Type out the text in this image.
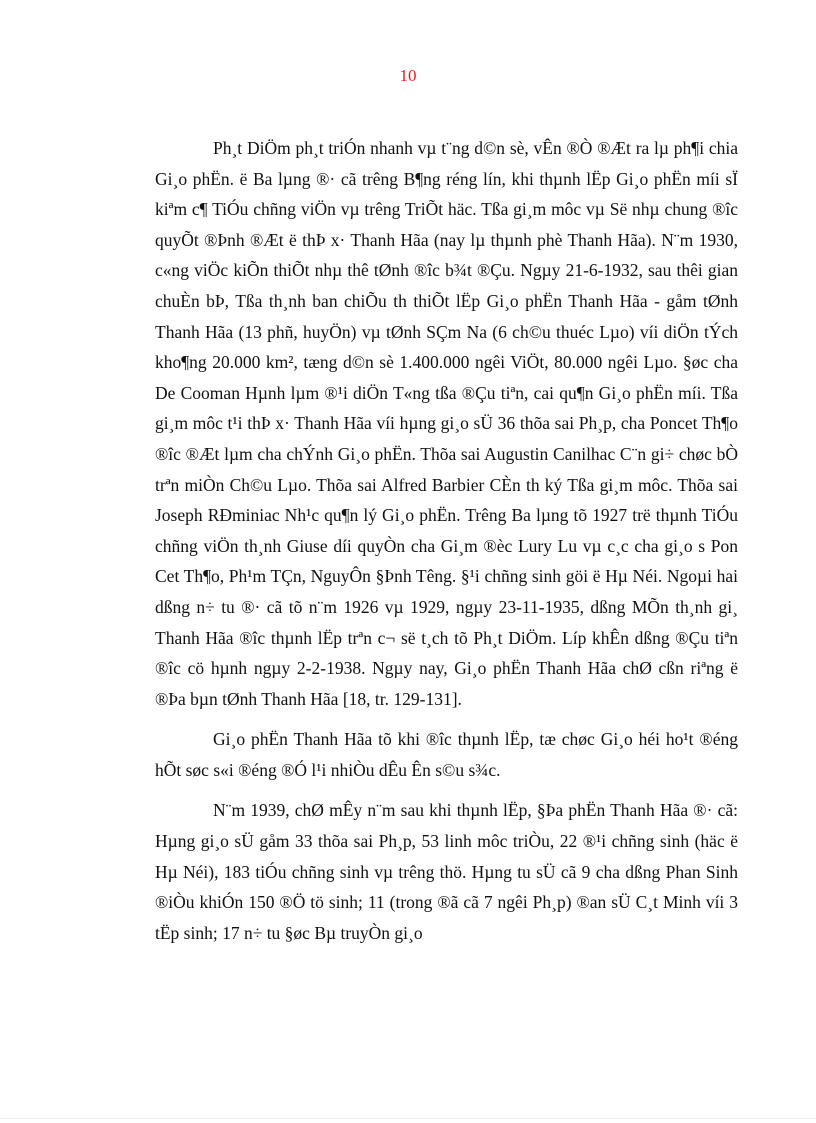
10

Ph¸t DiÖm ph¸t triÓn nhanh vµ t¨ng d©n sè, vÊn ®Ò ®Æt ra lµ ph¶i chia Gi¸o phËn. ë Ba lµng ®· cã trêng B¶ng réng lín, khi thµnh lËp Gi¸o phËn míi sÏ kiªm c¶ TiÓu chñng viÖn vµ trêng TriÕt häc. Tßa gi¸m môc vµ Së nhµ chung ®îc quyÕt ®Þnh ®Æt ë thÞ x· Thanh Hãa (nay lµ thµnh phè Thanh Hãa). N¨m 1930, c«ng viÖc kiÕn thiÕt nhµ thê tØnh ®îc b¾t ®Çu. Ngµy 21-6-1932, sau thêi gian chuÈn bÞ, Tßa th¸nh ban chiÕu th thiÕt lËp Gi¸o phËn Thanh Hãa - gåm tØnh Thanh Hãa (13 phñ, huyÖn) vµ tØnh SÇm Na (6 ch©u thuéc Lµo) víi diÖn tÝch kho¶ng 20.000 km², tæng d©n sè 1.400.000 ngêi ViÖt, 80.000 ngêi Lµo. §øc cha De Cooman Hµnh lµm ®¹i diÖn T«ng tßa ®Çu tiªn, cai qu¶n Gi¸o phËn míi. Tßa gi¸m môc t¹i thÞ x· Thanh Hãa víi hµng gi¸o sÜ 36 thõa sai Ph¸p, cha Poncet Th¶o ®îc ®Æt lµm cha chÝnh Gi¸o phËn. Thõa sai Augustin Canilhac C¨n gi÷ chøc bÒ trªn miÒn Ch©u Lµo. Thõa sai Alfred Barbier CÈn th ký Tßa gi¸m môc. Thõa sai Joseph RÐminiac Nh¹c qu¶n lý Gi¸o phËn. Trêng Ba lµng tõ 1927 trë thµnh TiÓu chñng viÖn th¸nh Giuse díi quyÒn cha Gi¸m ®èc Lury Lu vµ c¸c cha gi¸o s Pon Cet Th¶o, Ph¹m TÇn, NguyÔn §Þnh Têng. §¹i chñng sinh göi ë Hµ Néi. Ngoµi hai dßng n÷ tu ®· cã tõ n¨m 1926 vµ 1929, ngµy 23-11-1935, dßng MÕn th¸nh gi¸ Thanh Hãa ®îc thµnh lËp trªn c¬ së t¸ch tõ Ph¸t DiÖm. Líp khÊn dßng ®Çu tiªn ®îc cö hµnh ngµy 2-2-1938. Ngµy nay, Gi¸o phËn Thanh Hãa chØ cßn riªng ë ®Þa bµn tØnh Thanh Hãa [18, tr. 129-131].

Gi¸o phËn Thanh Hãa tõ khi ®îc thµnh lËp, tæ chøc Gi¸o héi ho¹t ®éng hÕt søc s«i ®éng ®Ó l¹i nhiÒu dÊu Ên s©u s¾c.

N¨m 1939, chØ mÊy n¨m sau khi thµnh lËp, §Þa phËn Thanh Hãa ®· cã: Hµng gi¸o sÜ gåm 33 thõa sai Ph¸p, 53 linh môc triÒu, 22 ®¹i chñng sinh (häc ë Hµ Néi), 183 tiÓu chñng sinh vµ trêng thö. Hµng tu sÜ cã 9 cha dßng Phan Sinh ®iÒu khiÓn 150 ®Ö tö sinh; 11 (trong ®ã cã 7 ngêi Ph¸p) ®an sÜ C¸t Minh víi 3 tËp sinh; 17 n÷ tu §øc Bµ truyÒn gi¸o
